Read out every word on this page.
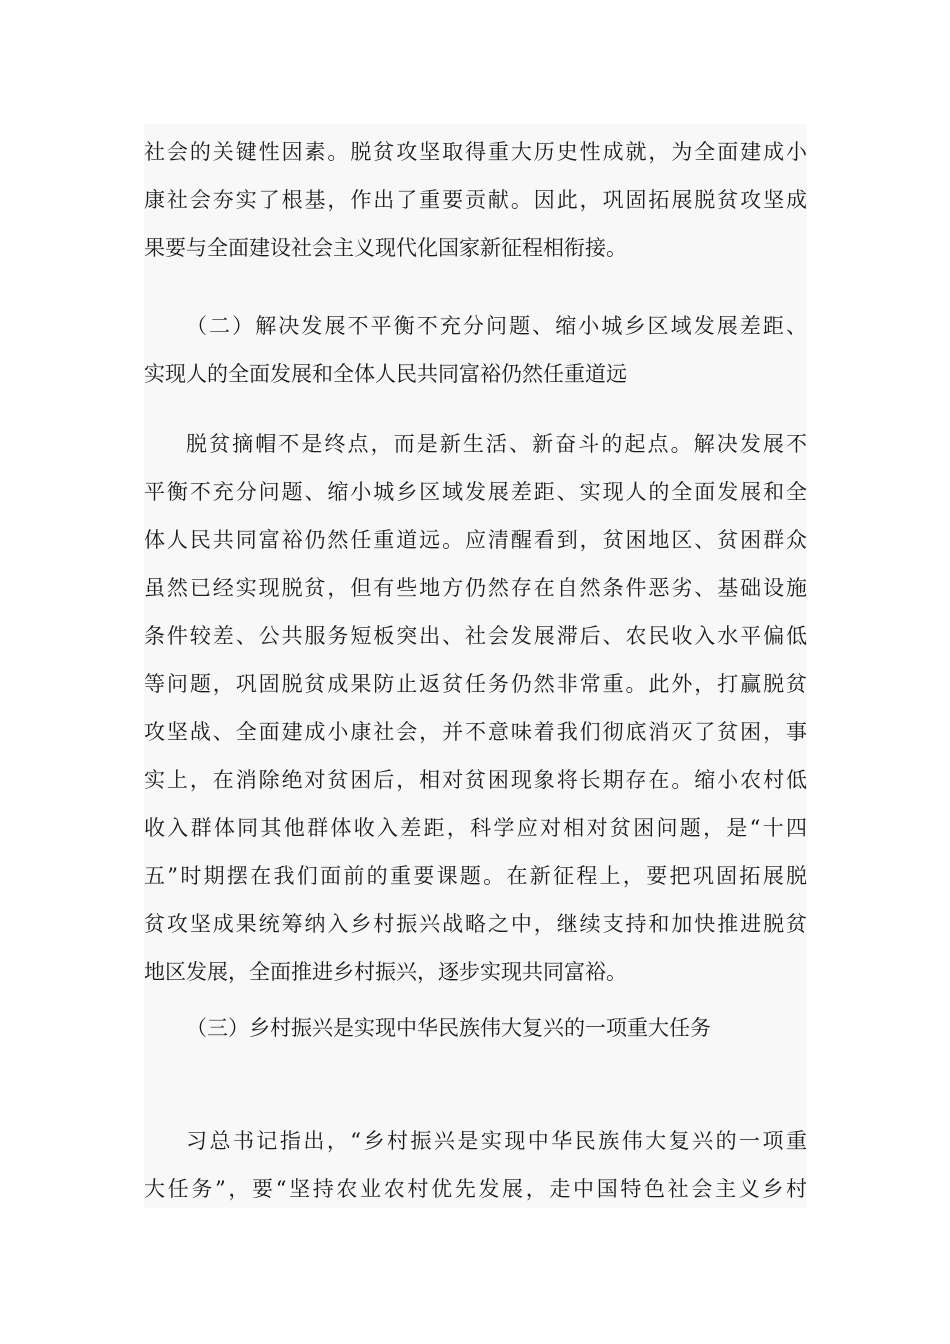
社会的关键性因素。脱贫攻坚取得重大历史性成就，为全面建成小
康社会夯实了根基，作出了重要贡献。因此，巩固拓展脱贫攻坚成
果要与全面建设社会主义现代化国家新征程相衔接。
（二）解决发展不平衡不充分问题、缩小城乡区域发展差距、
实现人的全面发展和全体人民共同富裕仍然任重道远
脱贫摘帽不是终点，而是新生活、新奋斗的起点。解决发展不
平衡不充分问题、缩小城乡区域发展差距、实现人的全面发展和全
体人民共同富裕仍然任重道远。应清醒看到，贫困地区、贫困群众
虽然已经实现脱贫，但有些地方仍然存在自然条件恶劣、基础设施
条件较差、公共服务短板突出、社会发展滞后、农民收入水平偏低
等问题，巩固脱贫成果防止返贫任务仍然非常重。此外，打赢脱贫
攻坚战、全面建成小康社会，并不意味着我们彻底消灭了贫困，事
实上，在消除绝对贫困后，相对贫困现象将长期存在。缩小农村低
收入群体同其他群体收入差距，科学应对相对贫困问题，是“十四
五”时期摆在我们面前的重要课题。在新征程上，要把巩固拓展脱
贫攻坚成果统筹纳入乡村振兴战略之中，继续支持和加快推进脱贫
地区发展，全面推进乡村振兴，逐步实现共同富裕。
（三）乡村振兴是实现中华民族伟大复兴的一项重大任务
习总书记指出，“乡村振兴是实现中华民族伟大复兴的一项重
大任务”，要“坚持农业农村优先发展，走中国特色社会主义乡村
